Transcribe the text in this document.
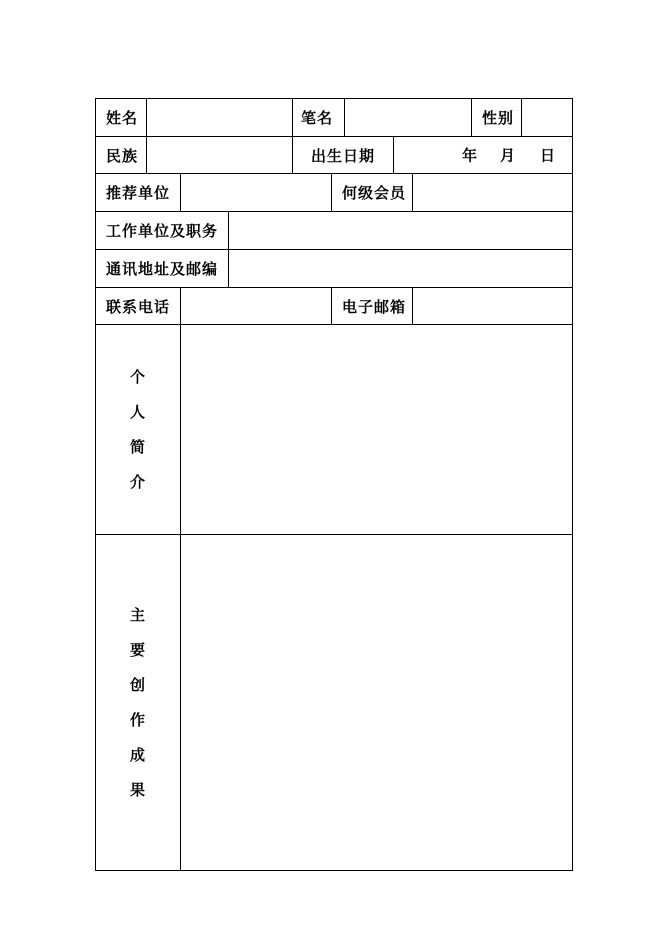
姓名	笔名	性别
民族	出生日期	年 月 日
推荐单位	何级会员
工作单位及职务
通讯地址及邮编
联系电话	电子邮箱
个
人
简
介
主
要
创
作
成
果
